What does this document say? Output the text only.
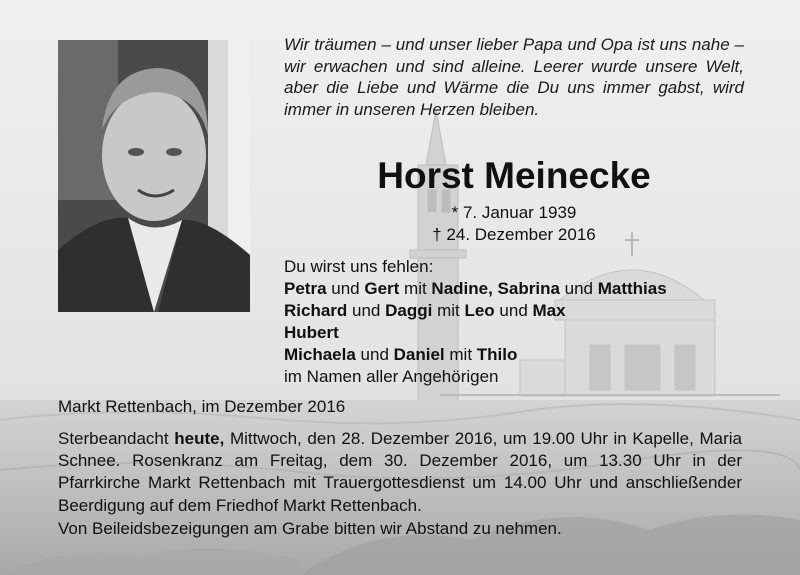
Wir träumen – und unser lieber Papa und Opa ist uns nahe – wir erwachen und sind alleine. Leerer wurde unsere Welt, aber die Liebe und Wärme die Du uns immer gabst, wird immer in unseren Herzen bleiben.
Horst Meinecke
* 7. Januar 1939
† 24. Dezember 2016
Du wirst uns fehlen:
Petra und Gert mit Nadine, Sabrina und Matthias
Richard und Daggi mit Leo und Max
Hubert
Michaela und Daniel mit Thilo
im Namen aller Angehörigen
Markt Rettenbach, im Dezember 2016
Sterbeandacht heute, Mittwoch, den 28. Dezember 2016, um 19.00 Uhr in Kapelle, Maria Schnee. Rosenkranz am Freitag, dem 30. Dezember 2016, um 13.30 Uhr in der Pfarrkirche Markt Rettenbach mit Trauergottesdienst um 14.00 Uhr und anschließender Beerdigung auf dem Friedhof Markt Rettenbach.
Von Beileidsbezeigungen am Grabe bitten wir Abstand zu nehmen.
